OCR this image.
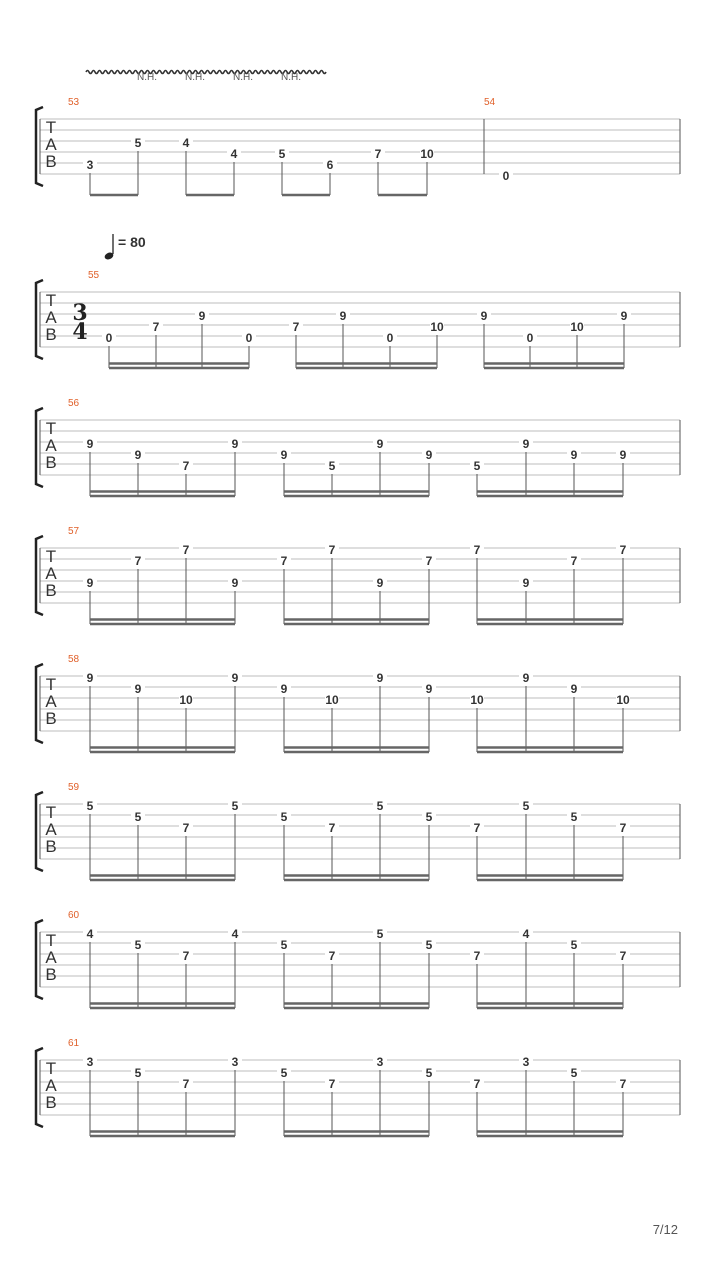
N.H.	N.H.	N.H.	N.H.
= 80
T
A
B
53
3
5	4
4	5
6
7	10
54
0
T
A
B
3
4
55
0
7
9
0
7
9
0
10
9
0
10
9
T
A
B
56
9
9
7
9
9
5
9
9
5
9
9	9
T
A
B
57
9
7
7
9
7
7
9
7
7
9
7
7
T
A
B
58
9
9
10
9
9
10
9
9
10
9
9
10
T
A
B
59
5
5
7
5
5
7
5
5
7
5
5
7
T
A
B
60
4
5
7
4
5
7
5
5
7
4
5
7
T
A
B
61
3
5
7
3
5
7
3
5
7
3
5
7
7/12
